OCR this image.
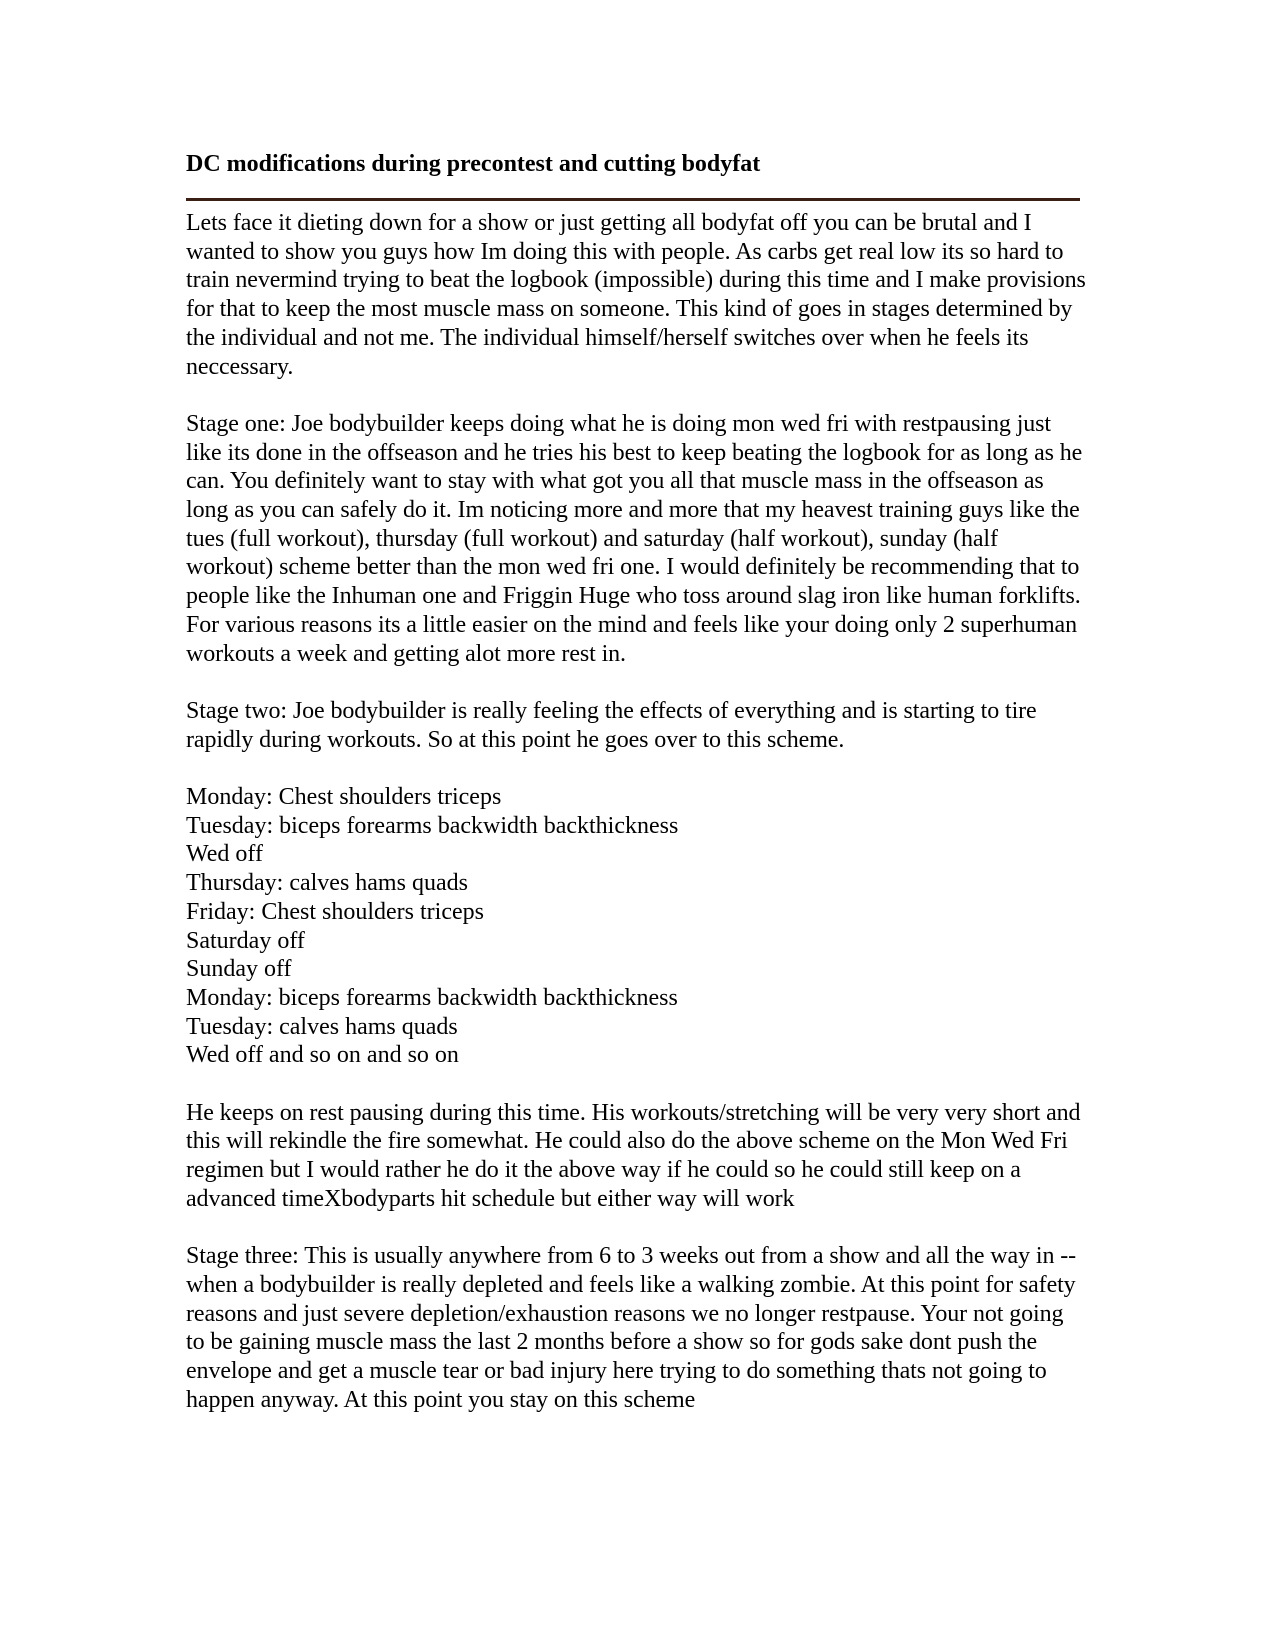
DC modifications during precontest and cutting bodyfat

Lets face it dieting down for a show or just getting all bodyfat off you can be brutal and I wanted to show you guys how Im doing this with people. As carbs get real low its so hard to train nevermind trying to beat the logbook (impossible) during this time and I make provisions for that to keep the most muscle mass on someone. This kind of goes in stages determined by the individual and not me. The individual himself/herself switches over when he feels its neccessary.

Stage one: Joe bodybuilder keeps doing what he is doing mon wed fri with restpausing just like its done in the offseason and he tries his best to keep beating the logbook for as long as he can. You definitely want to stay with what got you all that muscle mass in the offseason as long as you can safely do it. Im noticing more and more that my heavest training guys like the tues (full workout), thursday (full workout) and saturday (half workout), sunday (half workout) scheme better than the mon wed fri one. I would definitely be recommending that to people like the Inhuman one and Friggin Huge who toss around slag iron like human forklifts. For various reasons its a little easier on the mind and feels like your doing only 2 superhuman workouts a week and getting alot more rest in.

Stage two: Joe bodybuilder is really feeling the effects of everything and is starting to tire rapidly during workouts. So at this point he goes over to this scheme.

Monday: Chest shoulders triceps
Tuesday: biceps forearms backwidth backthickness
Wed off
Thursday: calves hams quads
Friday: Chest shoulders triceps
Saturday off
Sunday off
Monday: biceps forearms backwidth backthickness
Tuesday: calves hams quads
Wed off and so on and so on

He keeps on rest pausing during this time. His workouts/stretching will be very very short and this will rekindle the fire somewhat. He could also do the above scheme on the Mon Wed Fri regimen but I would rather he do it the above way if he could so he could still keep on a advanced timeXbodyparts hit schedule but either way will work

Stage three: This is usually anywhere from 6 to 3 weeks out from a show and all the way in --when a bodybuilder is really depleted and feels like a walking zombie. At this point for safety reasons and just severe depletion/exhaustion reasons we no longer restpause. Your not going to be gaining muscle mass the last 2 months before a show so for gods sake dont push the envelope and get a muscle tear or bad injury here trying to do something thats not going to happen anyway. At this point you stay on this scheme
